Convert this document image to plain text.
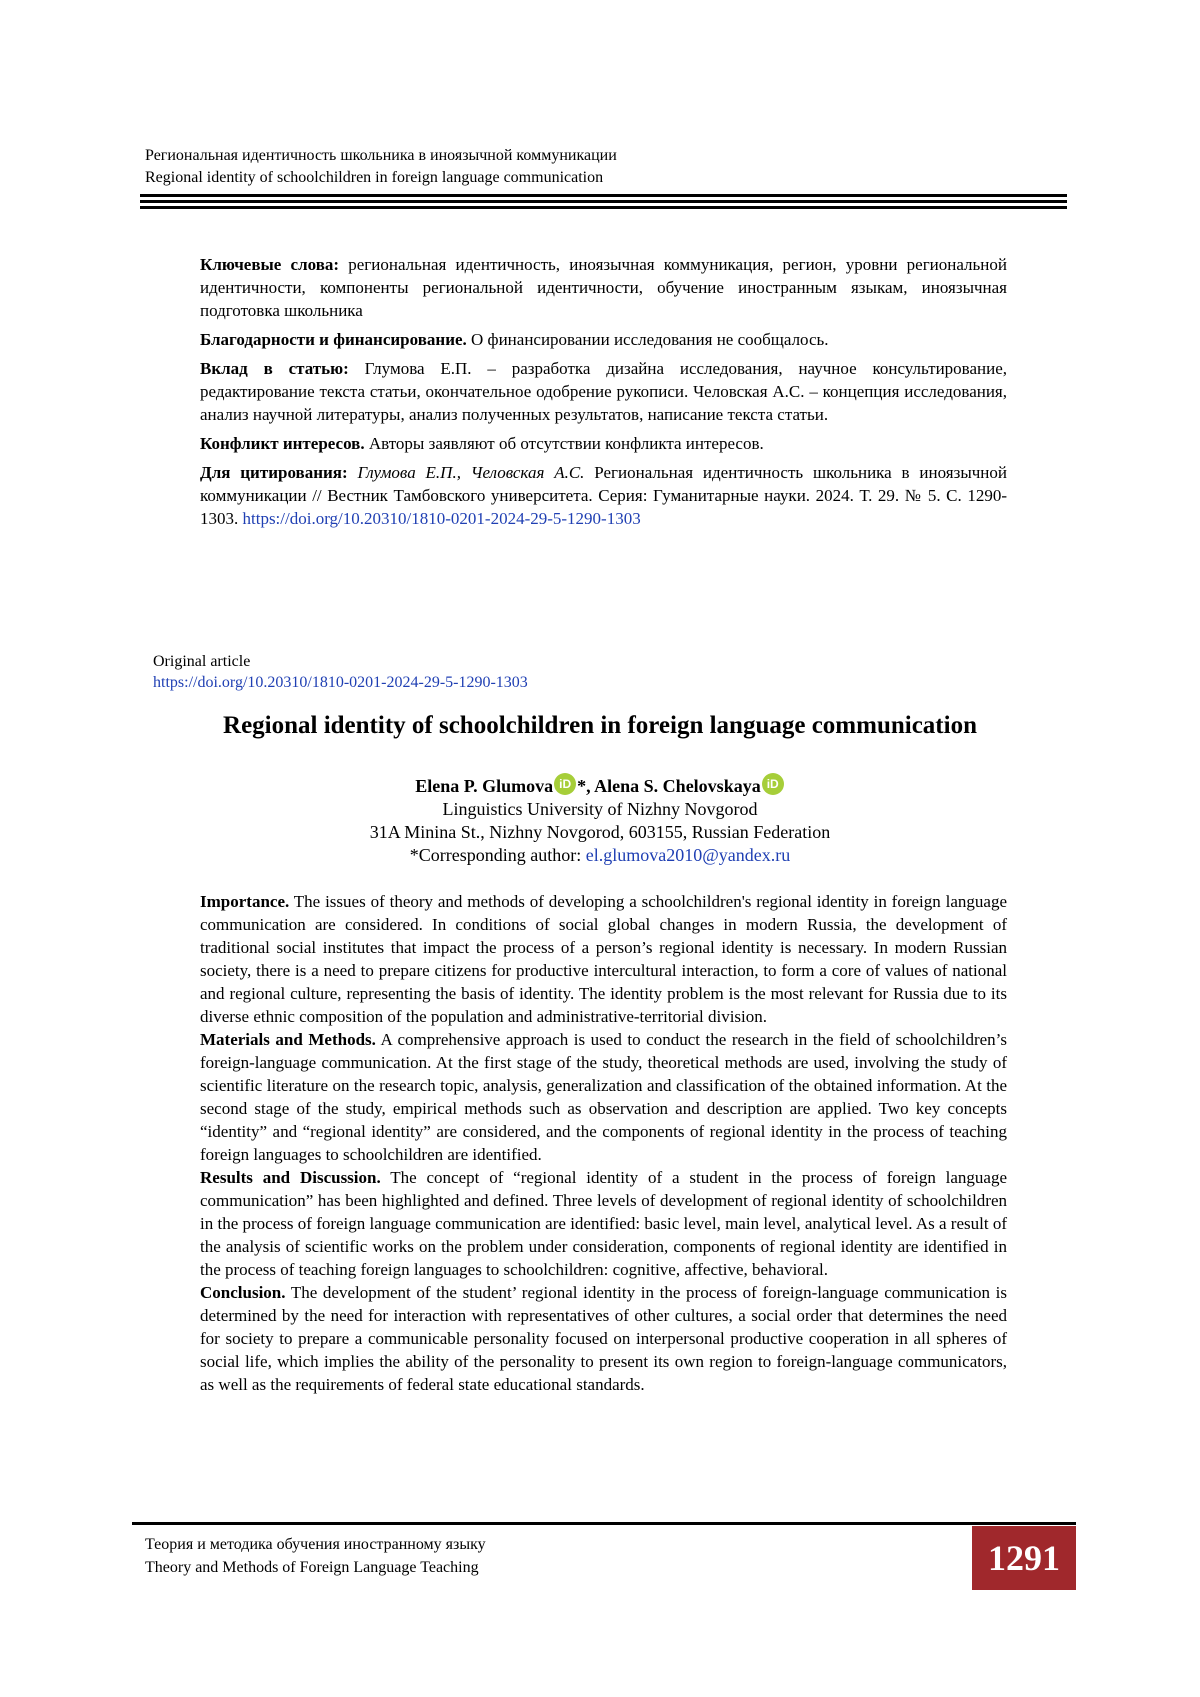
Региональная идентичность школьника в иноязычной коммуникации
Regional identity of schoolchildren in foreign language communication

Ключевые слова: региональная идентичность, иноязычная коммуникация, регион, уровни региональной идентичности, компоненты региональной идентичности, обучение иностранным языкам, иноязычная подготовка школьника

Благодарности и финансирование. О финансировании исследования не сообщалось.

Вклад в статью: Глумова Е.П. – разработка дизайна исследования, научное консультирование, редактирование текста статьи, окончательное одобрение рукописи. Человская А.С. – концепция исследования, анализ научной литературы, анализ полученных результатов, написание текста статьи.

Конфликт интересов. Авторы заявляют об отсутствии конфликта интересов.

Для цитирования: Глумова Е.П., Человская А.С. Региональная идентичность школьника в иноязычной коммуникации // Вестник Тамбовского университета. Серия: Гуманитарные науки. 2024. Т. 29. № 5. С. 1290-1303. https://doi.org/10.20310/1810-0201-2024-29-5-1290-1303

Original article
https://doi.org/10.20310/1810-0201-2024-29-5-1290-1303
Regional identity of schoolchildren in foreign language communication
Elena P. Glumova iD *, Alena S. Chelovskaya iD
Linguistics University of Nizhny Novgorod
31A Minina St., Nizhny Novgorod, 603155, Russian Federation
*Corresponding author: el.glumova2010@yandex.ru

Importance. The issues of theory and methods of developing a schoolchildren's regional identity in foreign language communication are considered. In conditions of social global changes in modern Russia, the development of traditional social institutes that impact the process of a person’s regional identity is necessary. In modern Russian society, there is a need to prepare citizens for productive intercultural interaction, to form a core of values of national and regional culture, representing the basis of identity. The identity problem is the most relevant for Russia due to its diverse ethnic composition of the population and administrative-territorial division.

Materials and Methods. A comprehensive approach is used to conduct the research in the field of schoolchildren’s foreign-language communication. At the first stage of the study, theoretical methods are used, involving the study of scientific literature on the research topic, analysis, generalization and classification of the obtained information. At the second stage of the study, empirical methods such as observation and description are applied. Two key concepts “identity” and “regional identity” are considered, and the components of regional identity in the process of teaching foreign languages to schoolchildren are identified.

Results and Discussion. The concept of “regional identity of a student in the process of foreign language communication” has been highlighted and defined. Three levels of development of regional identity of schoolchildren in the process of foreign language communication are identified: basic level, main level, analytical level. As a result of the analysis of scientific works on the problem under consideration, components of regional identity are identified in the process of teaching foreign languages to schoolchildren: cognitive, affective, behavioral.

Conclusion. The development of the student’ regional identity in the process of foreign-language communication is determined by the need for interaction with representatives of other cultures, a social order that determines the need for society to prepare a communicable personality focused on interpersonal productive cooperation in all spheres of social life, which implies the ability of the personality to present its own region to foreign-language communicators, as well as the requirements of federal state educational standards.

Теория и методика обучения иностранному языку
Theory and Methods of Foreign Language Teaching	1291
